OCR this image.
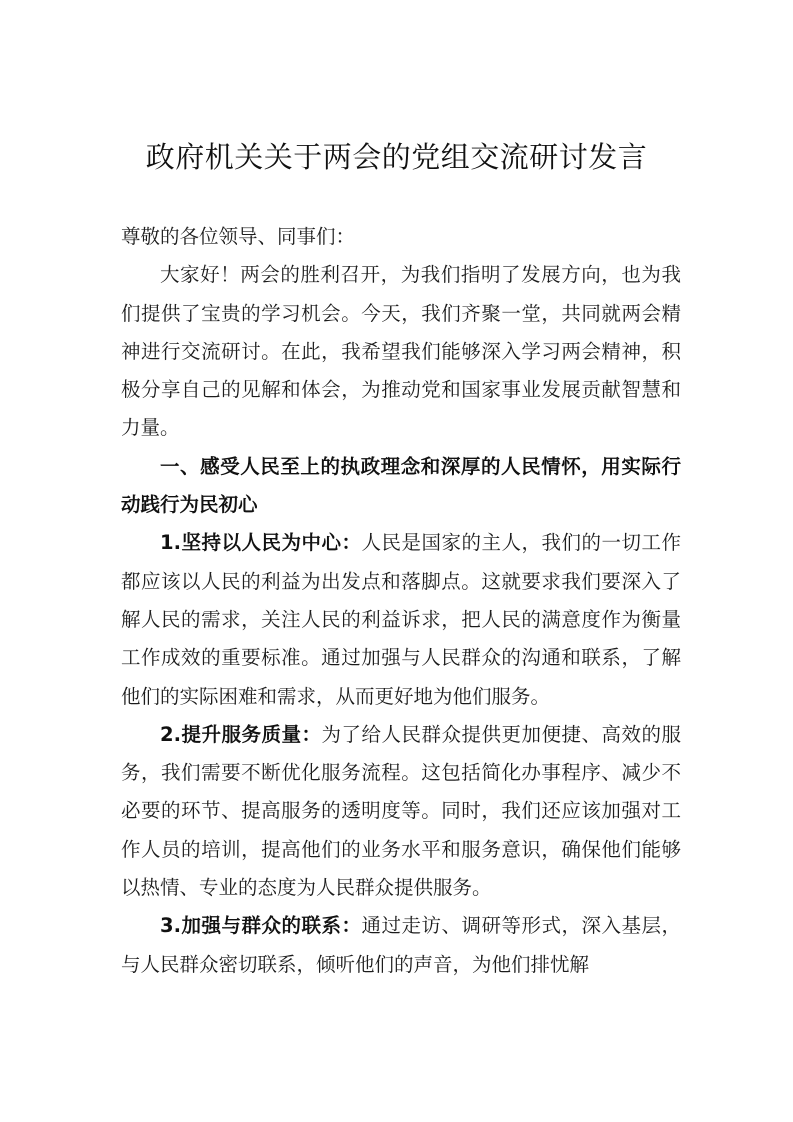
政府机关关于两会的党组交流研讨发言

尊敬的各位领导、同事们：

大家好！两会的胜利召开，为我们指明了发展方向，也为我们提供了宝贵的学习机会。今天，我们齐聚一堂，共同就两会精神进行交流研讨。在此，我希望我们能够深入学习两会精神，积极分享自己的见解和体会，为推动党和国家事业发展贡献智慧和力量。

一、感受人民至上的执政理念和深厚的人民情怀，用实际行动践行为民初心

1.坚持以人民为中心：人民是国家的主人，我们的一切工作都应该以人民的利益为出发点和落脚点。这就要求我们要深入了解人民的需求，关注人民的利益诉求，把人民的满意度作为衡量工作成效的重要标准。通过加强与人民群众的沟通和联系，了解他们的实际困难和需求，从而更好地为他们服务。

2.提升服务质量：为了给人民群众提供更加便捷、高效的服务，我们需要不断优化服务流程。这包括简化办事程序、减少不必要的环节、提高服务的透明度等。同时，我们还应该加强对工作人员的培训，提高他们的业务水平和服务意识，确保他们能够以热情、专业的态度为人民群众提供服务。

3.加强与群众的联系：通过走访、调研等形式，深入基层，与人民群众密切联系，倾听他们的声音，为他们排忧解
